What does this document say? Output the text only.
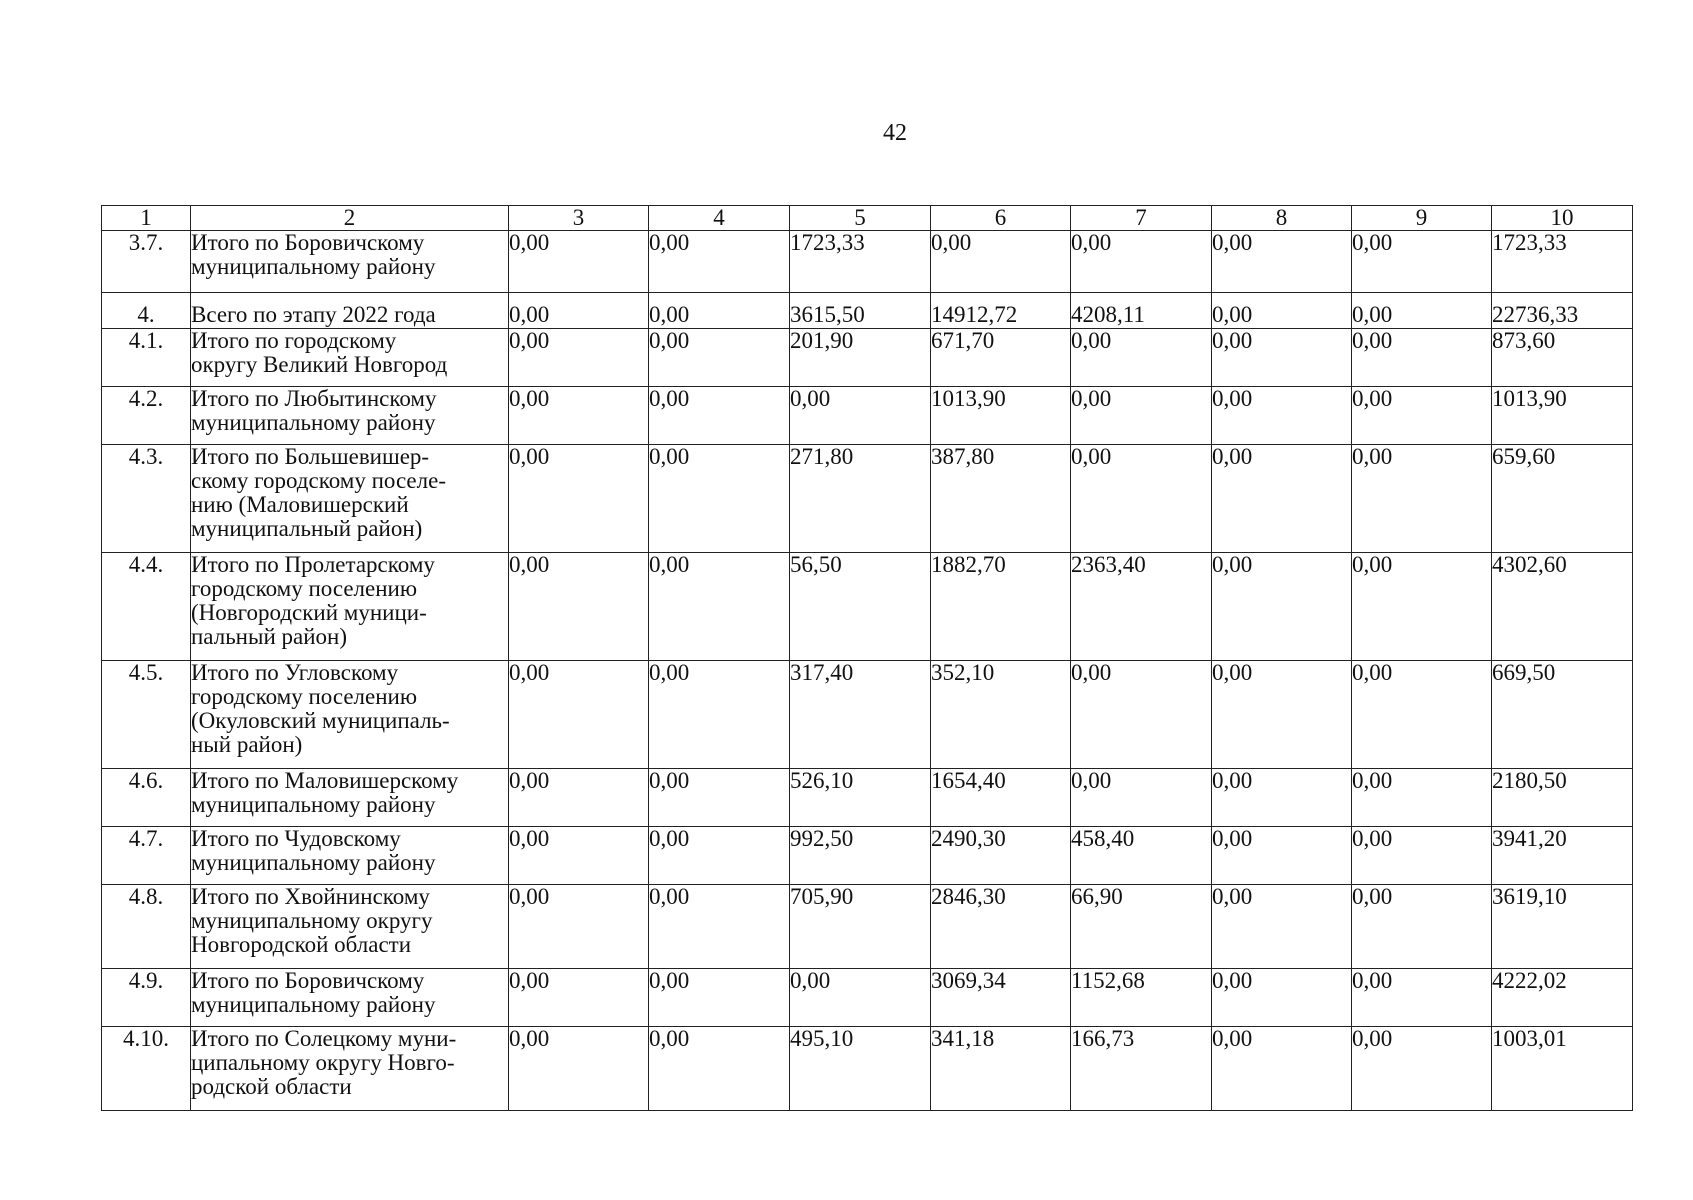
42
1	2	3	4	5	6	7	8	9	10
3.7.	Итого по Боровичскому
муниципальному району	0,00	0,00	1723,33	0,00	0,00	0,00	0,00	1723,33
4.	Всего по этапу 2022 года	0,00	0,00	3615,50	14912,72	4208,11	0,00	0,00	22736,33
4.1.	Итого по городскому
округу Великий Новгород	0,00	0,00	201,90	671,70	0,00	0,00	0,00	873,60
4.2.	Итого по Любытинскому
муниципальному району	0,00	0,00	0,00	1013,90	0,00	0,00	0,00	1013,90
4.3.	Итого по Большевишер-
скому городскому поселе-
нию (Маловишерский
муниципальный район)	0,00	0,00	271,80	387,80	0,00	0,00	0,00	659,60
4.4.	Итого по Пролетарскому
городскому поселению
(Новгородский муници-
пальный район)	0,00	0,00	56,50	1882,70	2363,40	0,00	0,00	4302,60
4.5.	Итого по Угловскому
городскому поселению
(Окуловский муниципаль-
ный район)	0,00	0,00	317,40	352,10	0,00	0,00	0,00	669,50
4.6.	Итого по Маловишерскому
муниципальному району	0,00	0,00	526,10	1654,40	0,00	0,00	0,00	2180,50
4.7.	Итого по Чудовскому
муниципальному району	0,00	0,00	992,50	2490,30	458,40	0,00	0,00	3941,20
4.8.	Итого по Хвойнинскому
муниципальному округу
Новгородской области	0,00	0,00	705,90	2846,30	66,90	0,00	0,00	3619,10
4.9.	Итого по Боровичскому
муниципальному району	0,00	0,00	0,00	3069,34	1152,68	0,00	0,00	4222,02
4.10.	Итого по Солецкому муни-
ципальному округу Новго-
родской области	0,00	0,00	495,10	341,18	166,73	0,00	0,00	1003,01
